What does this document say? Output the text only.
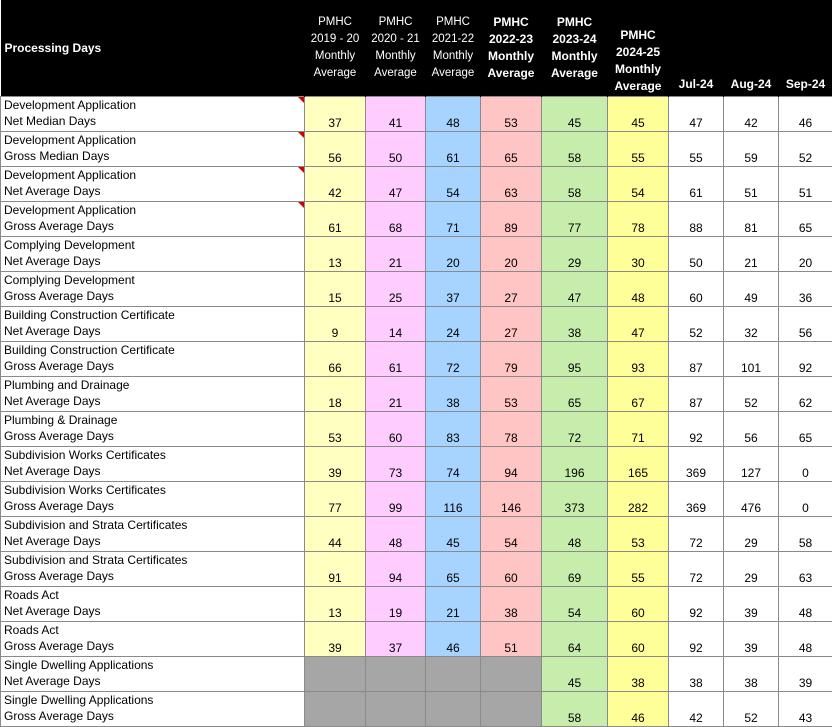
Processing Days	PMHC
2019 - 20
Monthly
Average	PMHC
2020 - 21
Monthly
Average	PMHC
2021-22
Monthly
Average	PMHC
2022-23
Monthly
Average	PMHC
2023-24
Monthly
Average	PMHC
2024-25
Monthly
Average	Jul-24	Aug-24	Sep-24

Development Application
Net Median Days	37	41	48	53	45	45	47	42	46

Development Application
Gross Median Days	56	50	61	65	58	55	55	59	52

Development Application
Net Average Days	42	47	54	63	58	54	61	51	51

Development Application
Gross Average Days	61	68	71	89	77	78	88	81	65

Complying Development
Net Average Days	13	21	20	20	29	30	50	21	20

Complying Development
Gross Average Days	15	25	37	27	47	48	60	49	36

Building Construction Certificate
Net Average Days	9	14	24	27	38	47	52	32	56

Building Construction Certificate
Gross Average Days	66	61	72	79	95	93	87	101	92

Plumbing and Drainage
Net Average Days	18	21	38	53	65	67	87	52	62

Plumbing & Drainage
Gross Average Days	53	60	83	78	72	71	92	56	65

Subdivision Works Certificates
Net Average Days	39	73	74	94	196	165	369	127	0

Subdivision Works Certificates
Gross Average Days	77	99	116	146	373	282	369	476	0

Subdivision and Strata Certificates
Net Average Days	44	48	45	54	48	53	72	29	58

Subdivision and Strata Certificates
Gross Average Days	91	94	65	60	69	55	72	29	63

Roads Act
Net Average Days	13	19	21	38	54	60	92	39	48

Roads Act
Gross Average Days	39	37	46	51	64	60	92	39	48

Single Dwelling Applications
Net Average Days					45	38	38	38	39

Single Dwelling Applications
Gross Average Days					58	46	42	52	43
